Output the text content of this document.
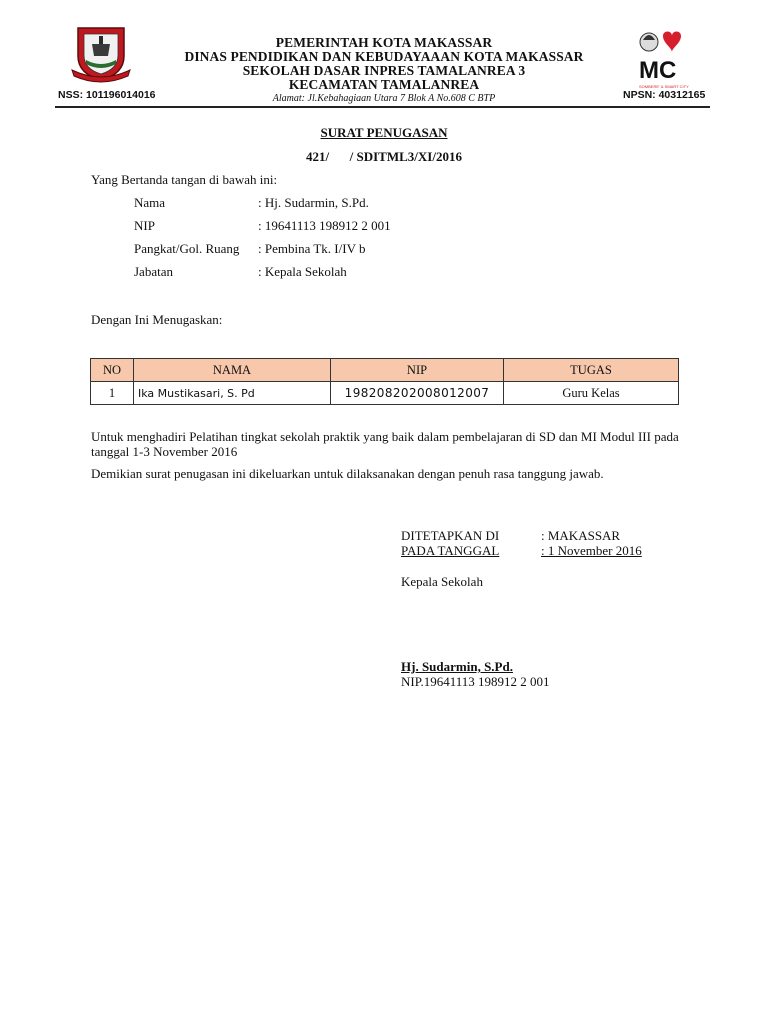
MC
SOMBERE' & SMART CITY
PEMERINTAH KOTA MAKASSAR
DINAS PENDIDIKAN DAN KEBUDAYAAAN KOTA MAKASSAR
SEKOLAH DASAR INPRES TAMALANREA 3
KECAMATAN TAMALANREA
Alamat: Jl.Kebahagiaan Utara 7 Blok A No.608 C BTP
NSS: 101196014016	NPSN: 40312165
SURAT PENUGASAN
421/ / SDITML3/XI/2016
Yang Bertanda tangan di bawah ini:
Nama	: Hj. Sudarmin, S.Pd.
NIP	: 19641113 198912 2 001
Pangkat/Gol. Ruang : Pembina Tk. I/IV b
Jabatan	: Kepala Sekolah
Dengan Ini Menugaskan:
NO	NAMA	NIP	TUGAS
1	Ika Mustikasari, S. Pd	198208202008012007	Guru Kelas
Untuk menghadiri Pelatihan tingkat sekolah praktik yang baik dalam pembelajaran di SD dan MI Modul III pada tanggal 1-3 November 2016
Demikian surat penugasan ini dikeluarkan untuk dilaksanakan dengan penuh rasa tanggung jawab.
DITETAPKAN DI	: MAKASSAR
PADA TANGGAL	: 1 November 2016
Kepala Sekolah
Hj. Sudarmin, S.Pd.
NIP.19641113 198912 2 001
